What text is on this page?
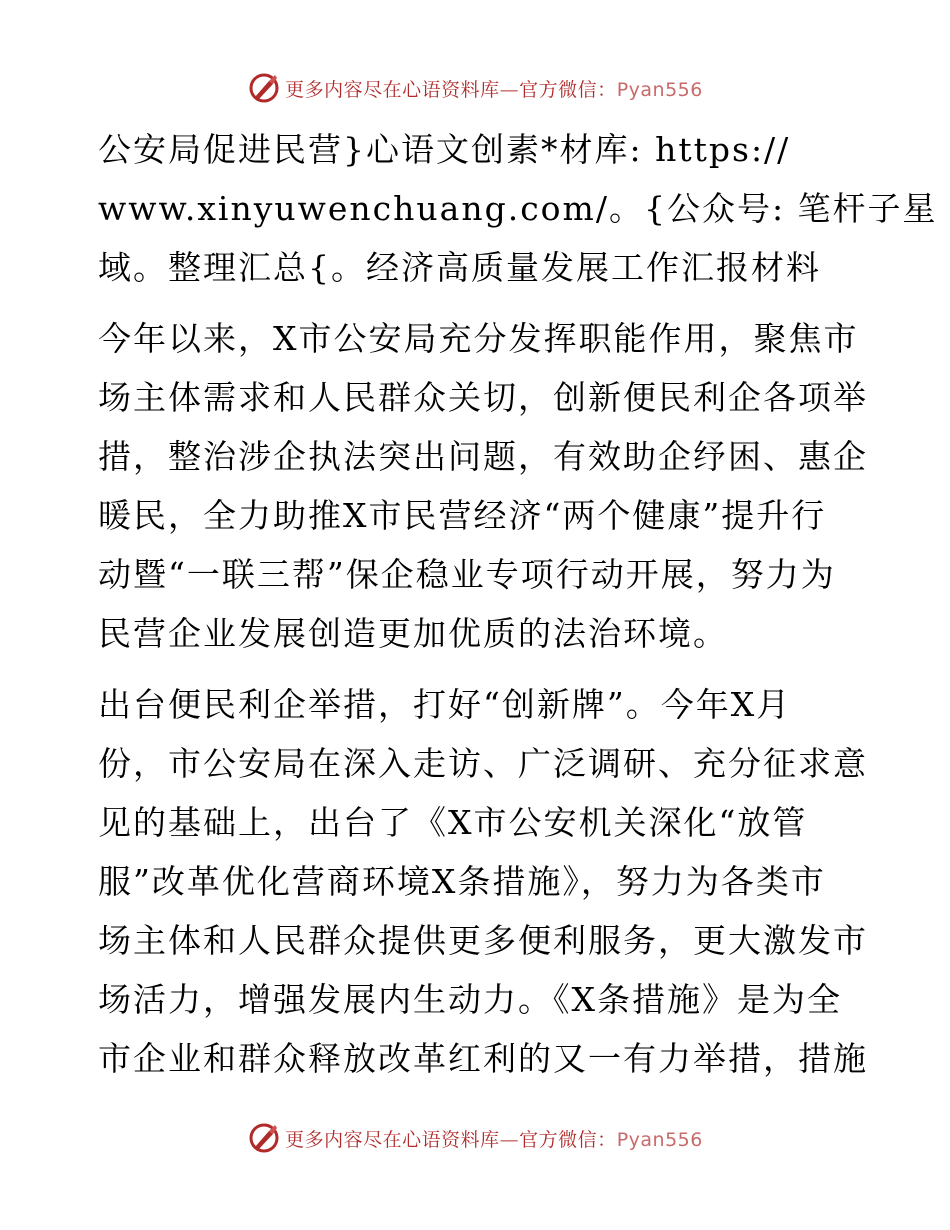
更多内容尽在心语资料库—官方微信：Pyan556

公安局促进民营}心语文创素*材库: https://
www.xinyuwenchuang.com/。{公众号: 笔杆子星
域。整理汇总{。经济高质量发展工作汇报材料

今年以来，X市公安局充分发挥职能作用，聚焦市
场主体需求和人民群众关切，创新便民利企各项举
措，整治涉企执法突出问题，有效助企纾困、惠企
暖民，全力助推X市民营经济“两个健康”提升行
动暨“一联三帮”保企稳业专项行动开展，努力为
民营企业发展创造更加优质的法治环境。

出台便民利企举措，打好“创新牌”。今年X月
份，市公安局在深入走访、广泛调研、充分征求意
见的基础上，出台了《X市公安机关深化“放管
服”改革优化营商环境X条措施》，努力为各类市
场主体和人民群众提供更多便利服务，更大激发市
场活力，增强发展内生动力。《X条措施》是为全
市企业和群众释放改革红利的又一有力举措，措施

更多内容尽在心语资料库—官方微信：Pyan556
